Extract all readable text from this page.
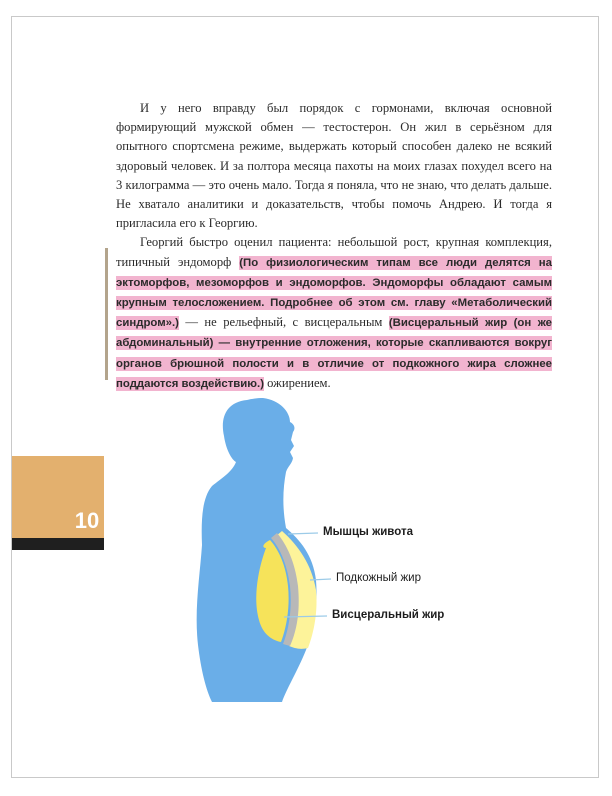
И у него вправду был порядок с гормонами, включая основной формирующий мужской обмен — тестостерон. Он жил в серьёзном для опытного спортсмена режиме, выдержать который способен далеко не всякий здоровый человек. И за полтора месяца пахоты на моих глазах похудел всего на 3 килограмма — это очень мало. Тогда я поняла, что не знаю, что делать дальше. Не хватало аналитики и доказательств, чтобы помочь Андрею. И тогда я пригласила его к Георгию.

Георгий быстро оценил пациента: небольшой рост, крупная комплекция, типичный эндоморф (По физиологическим типам все люди делятся на эктоморфов, мезоморфов и эндоморфов. Эндоморфы обладают самым крупным телосложением. Подробнее об этом см. главу «Метаболический синдром».) — не рельефный, с висцеральным (Висцеральный жир (он же абдоминальный) — внутренние отложения, которые скапливаются вокруг органов брюшной полости и в отличие от подкожного жира сложнее поддаются воздействию.) ожирением.

10	Мышцы живота
Подкожный жир
Висцеральный жир
